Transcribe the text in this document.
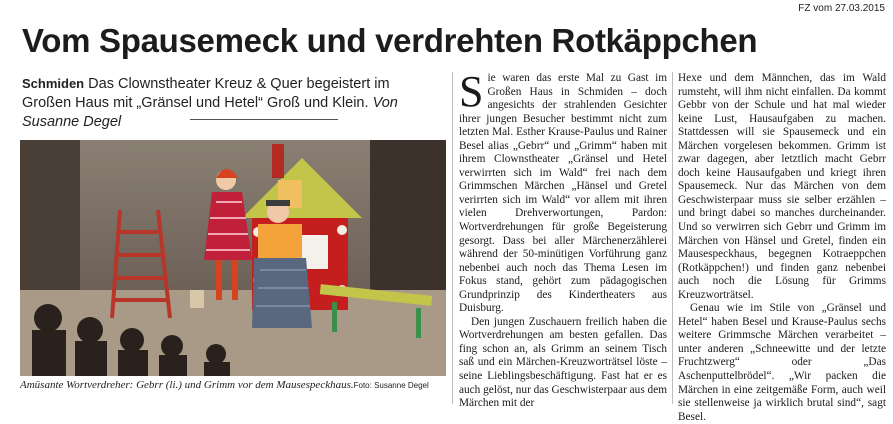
FZ vom 27.03.2015
Vom Spausemeck und verdrehten Rotkäppchen
Schmiden Das Clownstheater Kreuz & Quer begeistert im Großen Haus mit „Gränsel und Hetel“ Groß und Klein. Von Susanne Degel
Amüsante Wortverdreher: Gebrr (li.) und Grimm vor dem Mausespeckhaus.Foto: Susanne Degel

Sie waren das erste Mal zu Gast im Großen Haus in Schmiden – doch angesichts der strahlenden Gesichter ihrer jungen Besucher bestimmt nicht zum letzten Mal. Esther Krause-Paulus und Rainer Besel alias „Gebrr“ und „Grimm“ haben mit ihrem Clownstheater „Gränsel und Hetel verwirrten sich im Wald“ frei nach dem Grimmschen Märchen „Hänsel und Gretel verirrten sich im Wald“ vor allem mit ihren vielen Drehverwortungen, Pardon: Wortverdrehungen für große Begeisterung gesorgt. Dass bei aller Märchenerzählerei während der 50-minütigen Vorführung ganz nebenbei auch noch das Thema Lesen im Fokus stand, gehört zum pädagogischen Grundprinzip des Kindertheaters aus Duisburg.

Den jungen Zuschauern freilich haben die Wortverdrehungen am besten gefallen. Das fing schon an, als Grimm an seinem Tisch saß und ein Märchen-Kreuzworträtsel löste – seine Lieblingsbeschäftigung. Fast hat er es auch gelöst, nur das Geschwisterpaar aus dem Märchen mit der

Hexe und dem Männchen, das im Wald rumsteht, will ihm nicht einfallen. Da kommt Gebbr von der Schule und hat mal wieder keine Lust, Hausaufgaben zu machen. Stattdessen will sie Spausemeck und ein Märchen vorgelesen bekommen. Grimm ist zwar dagegen, aber letztlich macht Gebrr doch keine Hausaufgaben und kriegt ihren Spausemeck. Nur das Märchen von dem Geschwisterpaar muss sie selber erzählen – und bringt dabei so manches durcheinander. Und so verwirren sich Gebrr und Grimm im Märchen von Hänsel und Gretel, finden ein Mausespeckhaus, begegnen Kotraeppchen (Rotkäppchen!) und finden ganz nebenbei auch noch die Lösung für Grimms Kreuzworträtsel.

Genau wie im Stile von „Gränsel und Hetel“ haben Besel und Krause-Paulus sechs weitere Grimmsche Märchen verarbeitet – unter anderen „Schneewitte und der letzte Fruchtzwerg“ oder „Das Aschenputtelbrödel“. „Wir packen die Märchen in eine zeitgemäße Form, auch weil sie stellenweise ja wirklich brutal sind“, sagt Besel.
